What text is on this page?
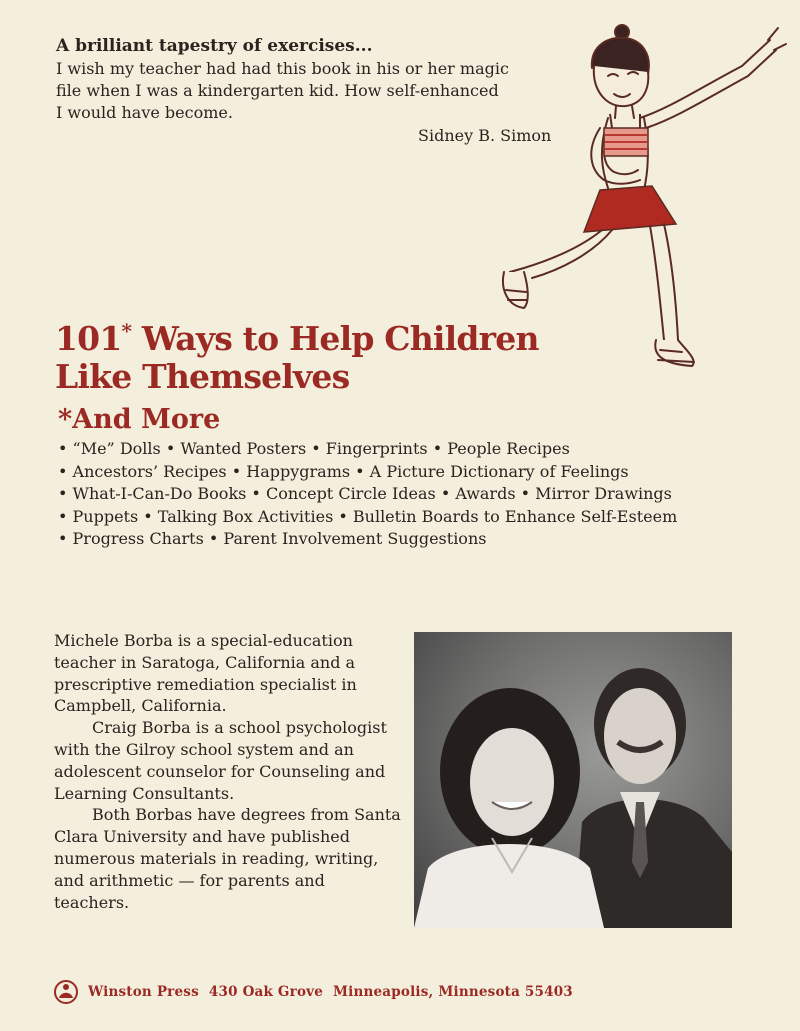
A brilliant tapestry of exercises...

I wish my teacher had had this book in his or her magic

file when I was a kindergarten kid. How self-enhanced

I would have become.

Sidney B. Simon
101* Ways to Help Children
Like Themselves
*And More
• “Me” Dolls • Wanted Posters • Fingerprints • People Recipes
• Ancestors’ Recipes • Happygrams • A Picture Dictionary of Feelings
• What-I-Can-Do Books • Concept Circle Ideas • Awards • Mirror Drawings
• Puppets • Talking Box Activities • Bulletin Boards to Enhance Self-Esteem
• Progress Charts • Parent Involvement Suggestions

Michele Borba is a special-education teacher in Saratoga, California and a prescriptive remediation specialist in Campbell, California.

Craig Borba is a school psychologist with the Gilroy school system and an adolescent counselor for Counseling and Learning Consultants.

Both Borbas have degrees from Santa Clara University and have published numerous materials in reading, writing, and arithmetic — for parents and teachers.

Winston Press 430 Oak Grove Minneapolis, Minnesota 55403
